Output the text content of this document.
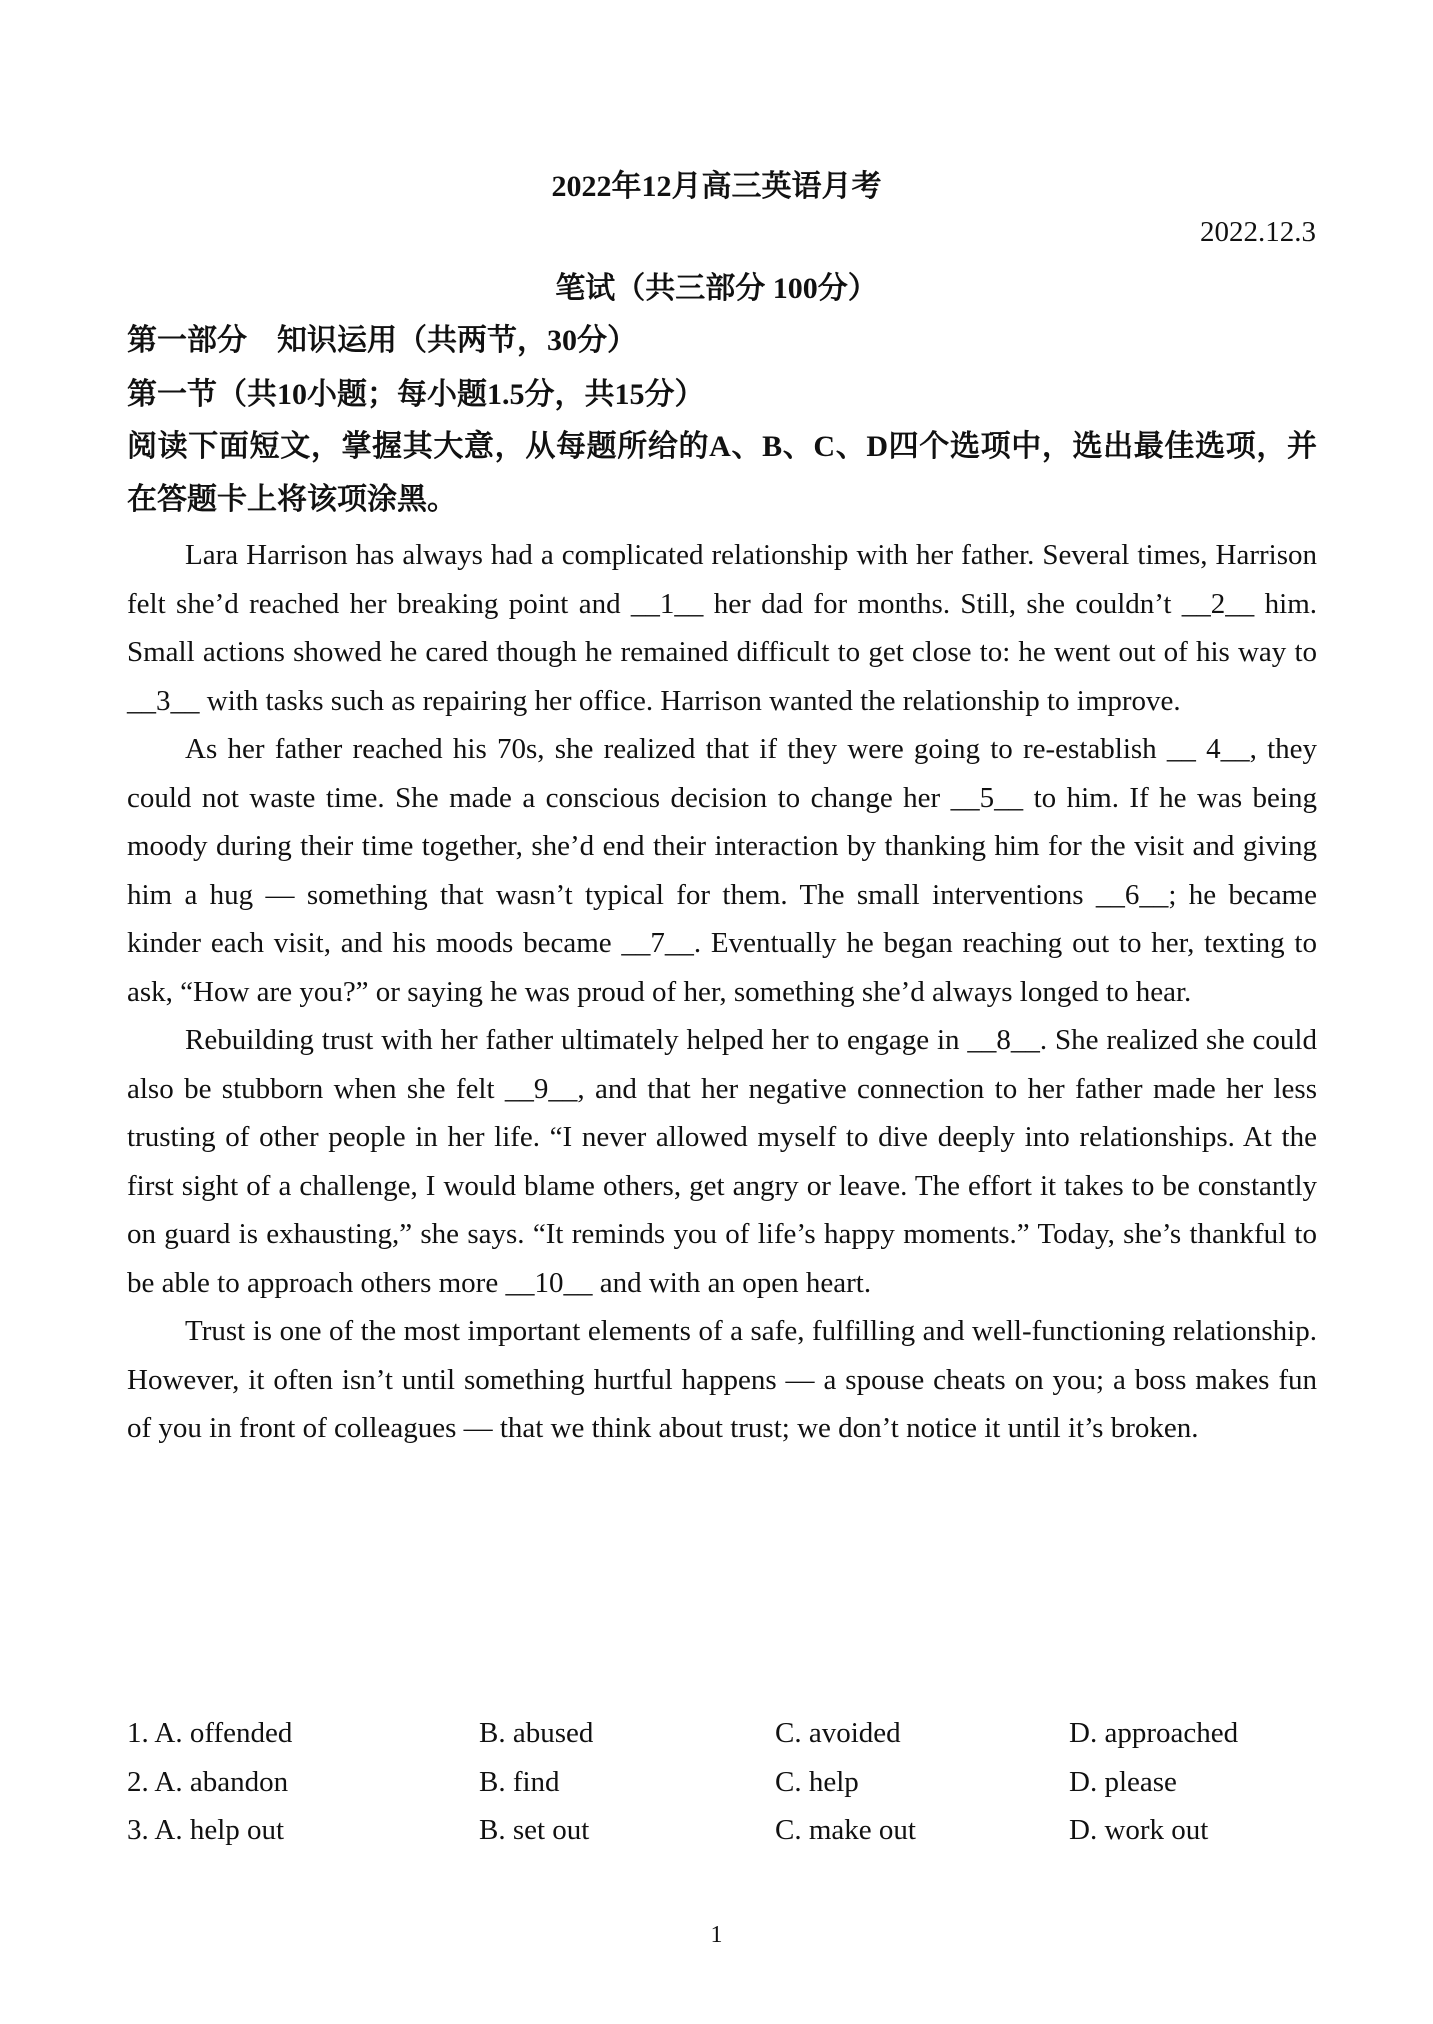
2022年12月高三英语月考
2022.12.3
笔试（共三部分 100分）
第一部分　知识运用（共两节，30分）
第一节（共10小题；每小题1.5分，共15分）
阅读下面短文，掌握其大意，从每题所给的A、B、C、D四个选项中，选出最佳选项，并在答题卡上将该项涂黑。

Lara Harrison has always had a complicated relationship with her father. Several times, Harrison felt she’d reached her breaking point and __1__ her dad for months. Still, she couldn’t __2__ him. Small actions showed he cared though he remained difficult to get close to: he went out of his way to __3__ with tasks such as repairing her office. Harrison wanted the relationship to improve.

As her father reached his 70s, she realized that if they were going to re-establish __ 4__, they could not waste time. She made a conscious decision to change her __5__ to him. If he was being moody during their time together, she’d end their interaction by thanking him for the visit and giving him a hug — something that wasn’t typical for them. The small interventions __6__; he became kinder each visit, and his moods became __7__. Eventually he began reaching out to her, texting to ask, “How are you?” or saying he was proud of her, something she’d always longed to hear.

Rebuilding trust with her father ultimately helped her to engage in __8__. She realized she could also be stubborn when she felt __9__, and that her negative connection to her father made her less trusting of other people in her life. “I never allowed myself to dive deeply into relationships. At the first sight of a challenge, I would blame others, get angry or leave. The effort it takes to be constantly on guard is exhausting,” she says. “It reminds you of life’s happy moments.” Today, she’s thankful to be able to approach others more __10__ and with an open heart.

Trust is one of the most important elements of a safe, fulfilling and well-functioning relationship. However, it often isn’t until something hurtful happens — a spouse cheats on you; a boss makes fun of you in front of colleagues — that we think about trust; we don’t notice it until it’s broken.

1. A. offended	B. abused	C. avoided	D. approached
2. A. abandon	B. find	C. help	D. please
3. A. help out	B. set out	C. make out	D. work out
1
